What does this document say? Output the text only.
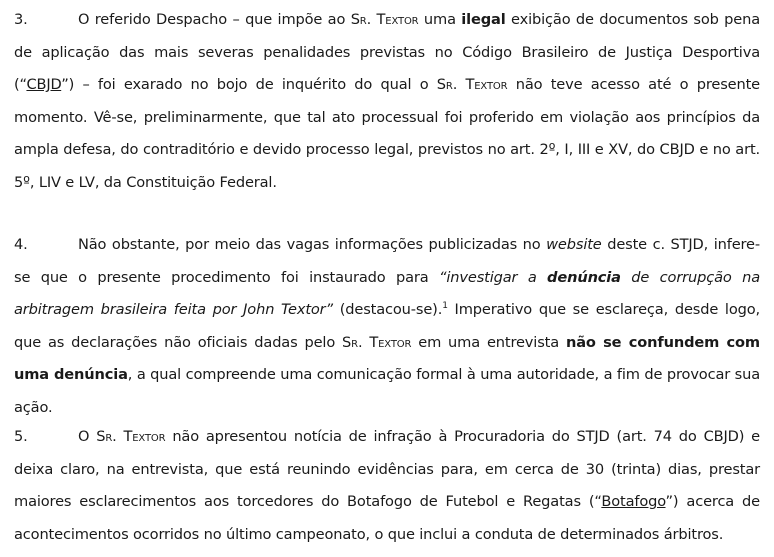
3.	O referido Despacho – que impõe ao Sr. Textor uma ilegal exibição de documentos sob pena de aplicação das mais severas penalidades previstas no Código Brasileiro de Justiça Desportiva (“CBJD”) – foi exarado no bojo de inquérito do qual o Sr. Textor não teve acesso até o presente momento. Vê-se, preliminarmente, que tal ato processual foi proferido em violação aos princípios da ampla defesa, do contraditório e devido processo legal, previstos no art. 2º, I, III e XV, do CBJD e no art. 5º, LIV e LV, da Constituição Federal.
4.	Não obstante, por meio das vagas informações publicizadas no website deste c. STJD, infere-se que o presente procedimento foi instaurado para “investigar a denúncia de corrupção na arbitragem brasileira feita por John Textor” (destacou-se).$^1$ Imperativo que se esclareça, desde logo, que as declarações não oficiais dadas pelo Sr. Textor em uma entrevista não se confundem com uma denúncia, a qual compreende uma comunicação formal à uma autoridade, a fim de provocar sua ação.
5.	O Sr. Textor não apresentou notícia de infração à Procuradoria do STJD (art. 74 do CBJD) e deixa claro, na entrevista, que está reunindo evidências para, em cerca de 30 (trinta) dias, prestar maiores esclarecimentos aos torcedores do Botafogo de Futebol e Regatas (“Botafogo”) acerca de acontecimentos ocorridos no último campeonato, o que inclui a conduta de determinados árbitros.
